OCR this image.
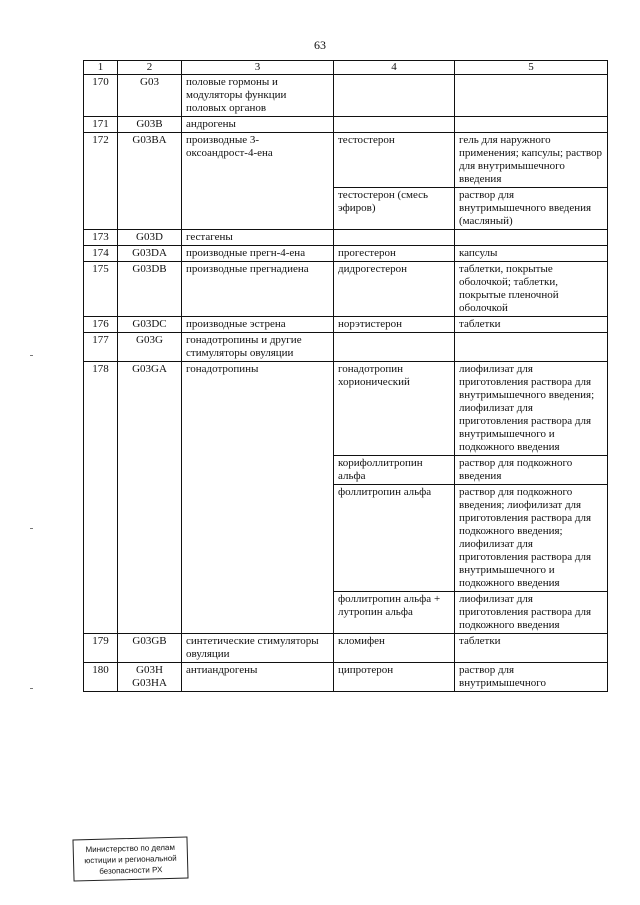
63
1	2	3	4	5
170	G03	половые гормоны и модуляторы функции половых органов		
171	G03B	андрогены		
172	G03BA	производные 3-оксоандрост-4-ена	тестостерон	гель для наружного применения; капсулы; раствор для внутримышечного введения
			тестостерон (смесь эфиров)	раствор для внутримышечного введения (масляный)
173	G03D	гестагены		
174	G03DA	производные прегн-4-ена	прогестерон	капсулы
175	G03DB	производные прегнадиена	дидрогестерон	таблетки, покрытые оболочкой; таблетки, покрытые пленочной оболочкой
176	G03DC	производные эстрена	норэтистерон	таблетки
177	G03G	гонадотропины и другие стимуляторы овуляции		
178	G03GA	гонадотропины	гонадотропин хорионический	лиофилизат для приготовления раствора для внутримышечного введения; лиофилизат для приготовления раствора для внутримышечного и подкожного введения
			корифоллитропин альфа	раствор для подкожного введения
			фоллитропин альфа	раствор для подкожного введения; лиофилизат для приготовления раствора для подкожного введения; лиофилизат для приготовления раствора для внутримышечного и подкожного введения
			фоллитропин альфа + лутропин альфа	лиофилизат для приготовления раствора для подкожного введения
179	G03GB	синтетические стимуляторы овуляции	кломифен	таблетки
180	G03H G03HA	антиандрогены	ципротерон	раствор для внутримышечного
Министерство по делам
юстиции и региональной
безопасности РХ
